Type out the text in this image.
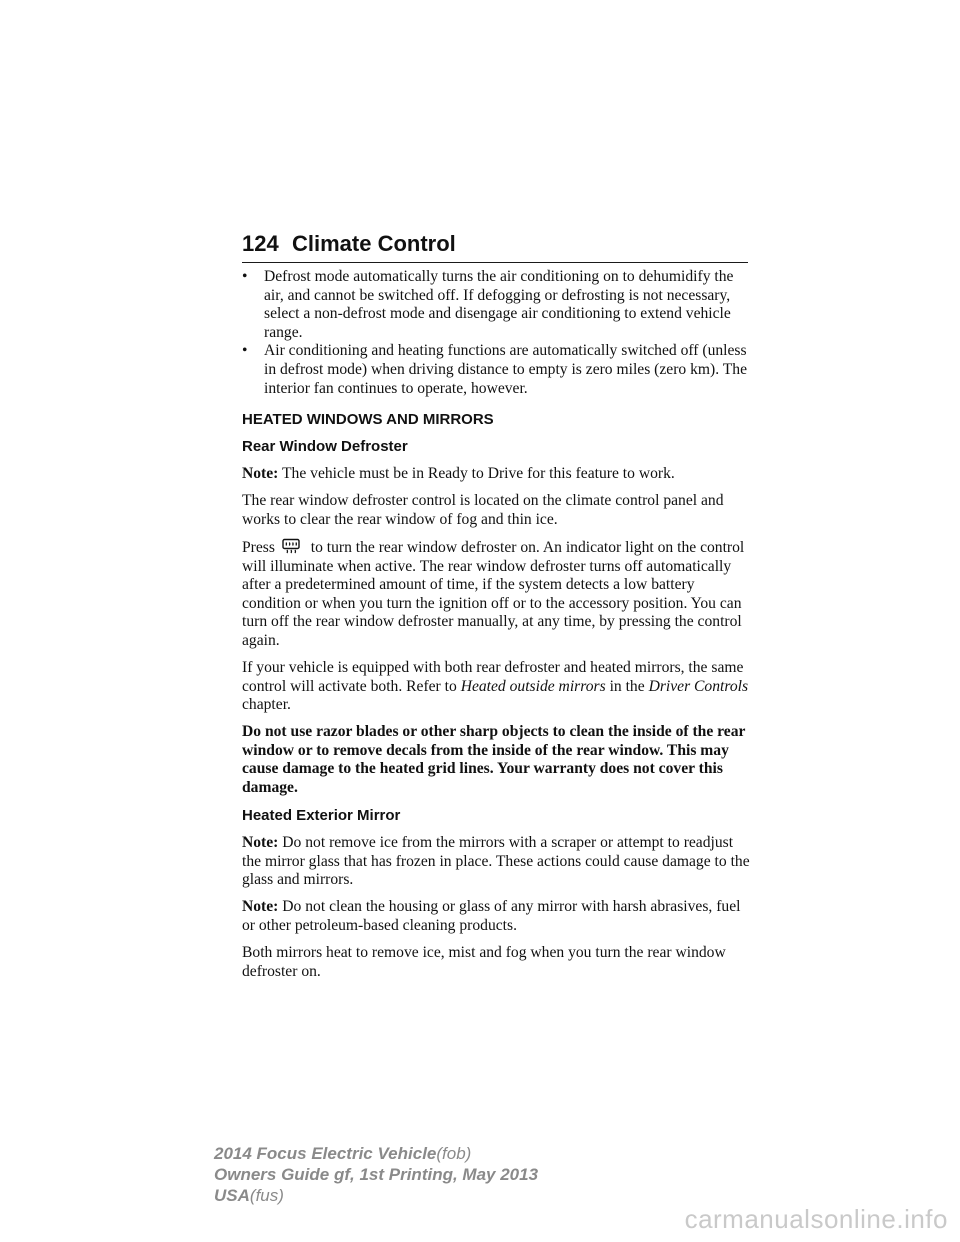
124 Climate Control
•	Defrost mode automatically turns the air conditioning on to dehumidify the air, and cannot be switched off. If defogging or defrosting is not necessary, select a non-defrost mode and disengage air conditioning to extend vehicle range.
•	Air conditioning and heating functions are automatically switched off (unless in defrost mode) when driving distance to empty is zero miles (zero km). The interior fan continues to operate, however.
HEATED WINDOWS AND MIRRORS
Rear Window Defroster

Note: The vehicle must be in Ready to Drive for this feature to work.

The rear window defroster control is located on the climate control panel and works to clear the rear window of fog and thin ice.

Press to turn the rear window defroster on. An indicator light on the control will illuminate when active. The rear window defroster turns off automatically after a predetermined amount of time, if the system detects a low battery condition or when you turn the ignition off or to the accessory position. You can turn off the rear window defroster manually, at any time, by pressing the control again.

If your vehicle is equipped with both rear defroster and heated mirrors, the same control will activate both. Refer to Heated outside mirrors in the Driver Controls chapter.

Do not use razor blades or other sharp objects to clean the inside of the rear window or to remove decals from the inside of the rear window. This may cause damage to the heated grid lines. Your warranty does not cover this damage.

Heated Exterior Mirror

Note: Do not remove ice from the mirrors with a scraper or attempt to readjust the mirror glass that has frozen in place. These actions could cause damage to the glass and mirrors.

Note: Do not clean the housing or glass of any mirror with harsh abrasives, fuel or other petroleum-based cleaning products.

Both mirrors heat to remove ice, mist and fog when you turn the rear window defroster on.

2014 Focus Electric Vehicle(fob)
Owners Guide gf, 1st Printing, May 2013
USA(fus)
carmanualsonline.info
